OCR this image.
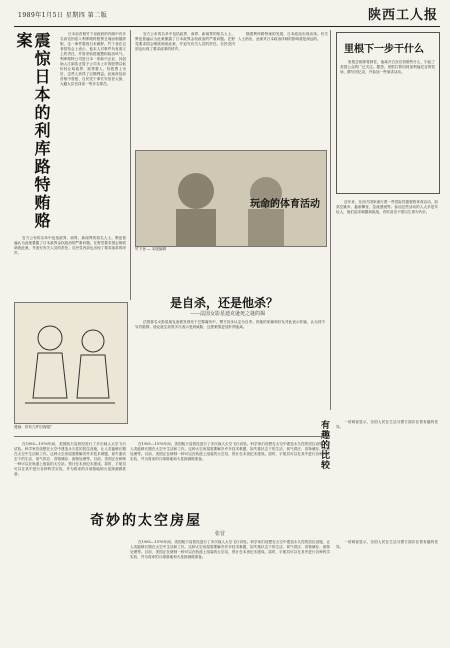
1989年1月5日 星期四 第二版	陕西工人报
震惊日本的利库路特贿赂案	日本前首相竹下登政府的内阁中有多名高官因卷入利库路特股票丑闻而相继辞职，这一事件震惊日本朝野。竹下登在记者招待会上表示，他本人对事件负有道义上的责任，并将采取措施整顿政治风气。利库路特公司是日本一家新兴企业，其创始人江副浩正将子公司未上市的股票以低价转让给政界、财界要人，待股票上市后，这些人获得了巨额利益。此案涉及前首相中曾根、自民党干事长安倍晋太郎、大藏大臣宫泽喜一等多名要员。

官方公布的名单中包括政界、商界、新闻界的知名人士。舆论普遍认为此案暴露了日本政界金权政治的严重问题。在野党要求国会彻底调查此案，并追究有关人员的责任。自民党内部也出现了要求改革的呼声。

官方公布的名单中包括政界、商界、新闻界的知名人士。舆论普遍认为此案暴露了日本政界金权政治的严重问题。在野党要求国会彻底调查此案，并追究有关人员的责任。自民党内部也出现了要求改革的呼声。

随着利库路特案的发展，日本政局出现动荡。有关人士指出，此案对日本政治体制的影响将是深远的。

竹下登 — 本版编辑
是自杀，还是他杀？
——法国女影星迪克逊死之谜的揭

法国著名女影星迪克逊被发现死于巴黎寓所中，警方初步认定为自杀。但她的家属和好友对此表示怀疑，认为其中另有隐情。迪克逊生前曾多次表示受到威胁，这使案情更加扑朔迷离。

里根下一步干什么

里根总统即将卸任，他离开白宫后将做些什么，引起了美国公众的广泛关注。据悉，里根打算回到加利福尼亚的牧场，撰写回忆录，并参加一些演讲活动。

玩命的体育活动	近年来，在西方国家流行着一些冒险性极强的体育活动，如高空跳伞、悬崖攀登、急流漂流等。参加这些活动的人大多是年轻人，他们追求刺激和挑战，有时甚至不惜以生命为代价。

有趣的比较	一项调查显示，各国人民在生活习惯方面存在着有趣的差异。

漫画：你有几件旧西服？

在1985—1976年间，美国航天局曾经进行了多次载人太空飞行试验。科学家们设想在太空中建造永久性的居住设施，让人类能够长期在太空中生活和工作。这种太空房屋需要解决许多技术难题，如失重状态下的生活、氧气供应、食物储存、废物处理等。目前，美国正在研制一种可以在轨道上组装的太空站，预计在本世纪末建成。届时，宇航员可以在其中进行各种科学实验，并为将来的月球基地和火星探测做准备。

奇妙的太空房屋
张冒

在1985—1976年间，美国航天局曾经进行了多次载人太空飞行试验。科学家们设想在太空中建造永久性的居住设施，让人类能够长期在太空中生活和工作。这种太空房屋需要解决许多技术难题，如失重状态下的生活、氧气供应、食物储存、废物处理等。目前，美国正在研制一种可以在轨道上组装的太空站，预计在本世纪末建成。届时，宇航员可以在其中进行各种科学实验，并为将来的月球基地和火星探测做准备。

在1985—1976年间，美国航天局曾经进行了多次载人太空飞行试验。科学家们设想在太空中建造永久性的居住设施，让人类能够长期在太空中生活和工作。这种太空房屋需要解决许多技术难题，如失重状态下的生活、氧气供应、食物储存、废物处理等。目前，美国正在研制一种可以在轨道上组装的太空站，预计在本世纪末建成。届时，宇航员可以在其中进行各种科学实验，并为将来的月球基地和火星探测做准备。

一项调查显示，各国人民在生活习惯方面存在着有趣的差异。
